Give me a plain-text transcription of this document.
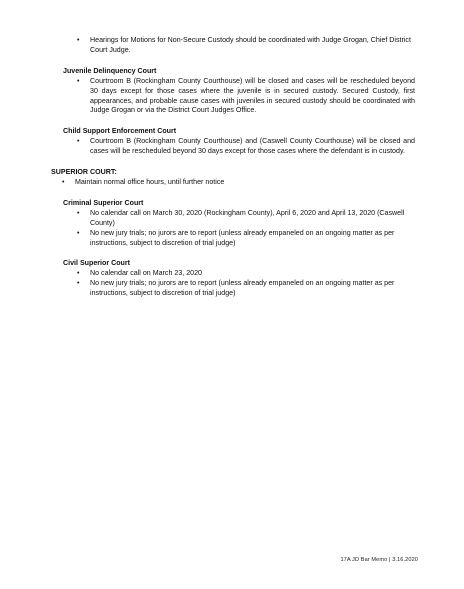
• Hearings for Motions for Non-Secure Custody should be coordinated with Judge Grogan, Chief District Court Judge.
Juvenile Delinquency Court
• Courtroom B (Rockingham County Courthouse) will be closed and cases will be rescheduled beyond 30 days except for those cases where the juvenile is in secured custody. Secured Custody, first appearances, and probable cause cases with juveniles in secured custody should be coordinated with Judge Grogan or via the District Court Judges Office.
Child Support Enforcement Court
• Courtroom B (Rockingham County Courthouse) and (Caswell County Courthouse) will be closed and cases will be rescheduled beyond 30 days except for those cases where the defendant is in custody.
SUPERIOR COURT:
• Maintain normal office hours, until further notice
Criminal Superior Court
• No calendar call on March 30, 2020 (Rockingham County), April 6, 2020 and April 13, 2020 (Caswell County)
• No new jury trials; no jurors are to report (unless already empaneled on an ongoing matter as per instructions, subject to discretion of trial judge)
Civil Superior Court
• No calendar call on March 23, 2020
• No new jury trials; no jurors are to report (unless already empaneled on an ongoing matter as per instructions, subject to discretion of trial judge)
17A JD Bar Memo | 3.16.2020
